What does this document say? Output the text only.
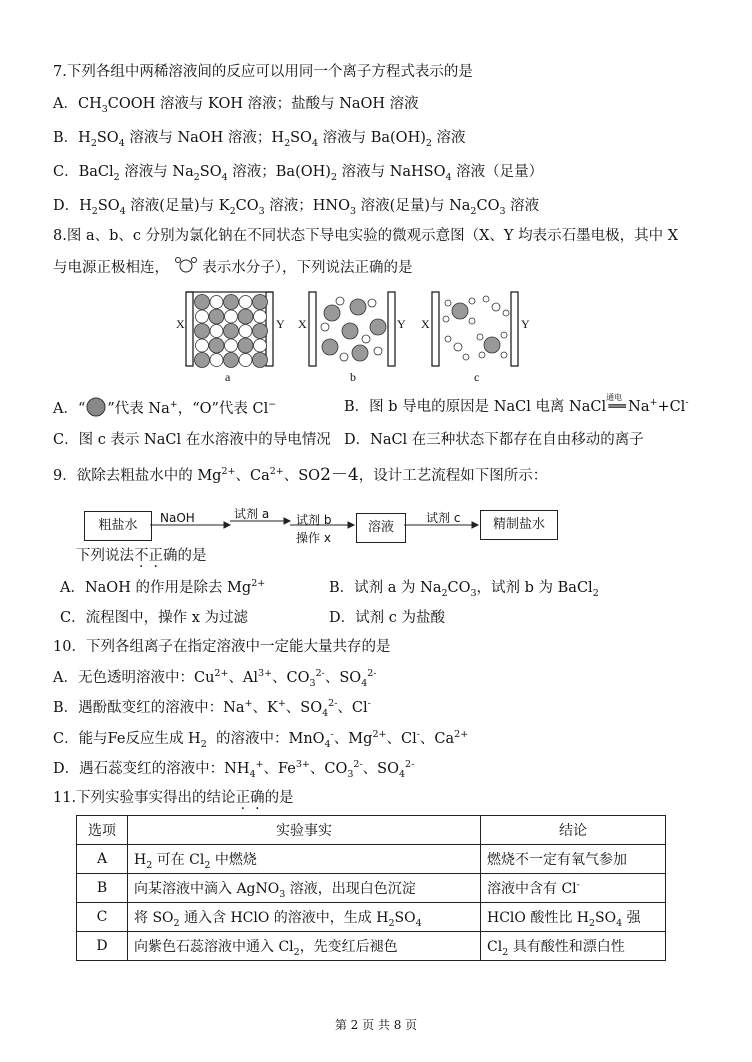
7.下列各组中两稀溶液间的反应可以用同一个离子方程式表示的是
A．$CH_3COOH$ 溶液与 KOH 溶液；盐酸与 NaOH 溶液
B．$H_2SO_4$ 溶液与 NaOH 溶液；$H_2SO_4$ 溶液与 $Ba(OH)_2$ 溶液
C．BaCl$_2$ 溶液与 $Na_2SO_4$ 溶液；$Ba(OH)_2$ 溶液与 NaHSO$_4$ 溶液（足量）
D．$H_2SO_4$ 溶液(足量)与 $K_2CO_3$ 溶液；$HNO_3$ 溶液(足量)与 $Na_2CO_3$ 溶液
8.图 a、b、c 分别为氯化钠在不同状态下导电实验的微观示意图（X、Y 均表示石墨电极，其中 X
与电源正极相连， 表示水分子），下列说法正确的是
X	Y
a
X	Y
b
X	Y
c
A．“ ”代表 Na+，“O”代表 Cl−	B．图 b 导电的原因是 NaCl 电离 NaCl
通电
══ Na++Cl-
C．图 c 表示 NaCl 在水溶液中的导电情况 D．NaCl 在三种状态下都存在自由移动的离子
9．欲除去粗盐水中的 $Mg^{2+}$、$Ca^{2+}$、SO2－4，设计工艺流程如下图所示：
粗盐水	NaOH	试剂 a 试剂 b
操作 x
溶液
试剂 c	精制盐水
下列说法不正确的是
A．NaOH 的作用是除去 $Mg^{2+}$	B．试剂 a 为 $Na_2CO_3$，试剂 b 为 BaCl$_2$
C．流程图中，操作 x 为过滤	D．试剂 c 为盐酸
10．下列各组离子在指定溶液中一定能大量共存的是
A．无色透明溶液中：$Cu^{2+}$、$Al^{3+}$、$CO_3^{2-}$、$SO_4^{2-}$
B．遇酚酞变红的溶液中：Na+、K+、$SO_4^{2-}$、Cl-
C．能与Fe反应生成 $H_2$  的溶液中：MnO$_4$-、$Mg^{2+}$、Cl-、$Ca^{2+}$
D．遇石蕊变红的溶液中：$NH_4^+$、$Fe^{3+}$、$CO_3^{2-}$、$SO_4^{2-}$
11.下列实验事实得出的结论正确的是
选项	实验事实	结论
A	$H_2$ 可在 $Cl_2$ 中燃烧	燃烧不一定有氧气参加
B	向某溶液中滴入 AgNO$_3$ 溶液，出现白色沉淀	溶液中含有 Cl-
C	将 $SO_2$ 通入含 HClO 的溶液中，生成 $H_2SO_4$	HClO 酸性比 $H_2SO_4$ 强
D	向紫色石蕊溶液中通入 $Cl_2$，先变红后褪色	$Cl_2$ 具有酸性和漂白性
第 2 页 共 8 页
